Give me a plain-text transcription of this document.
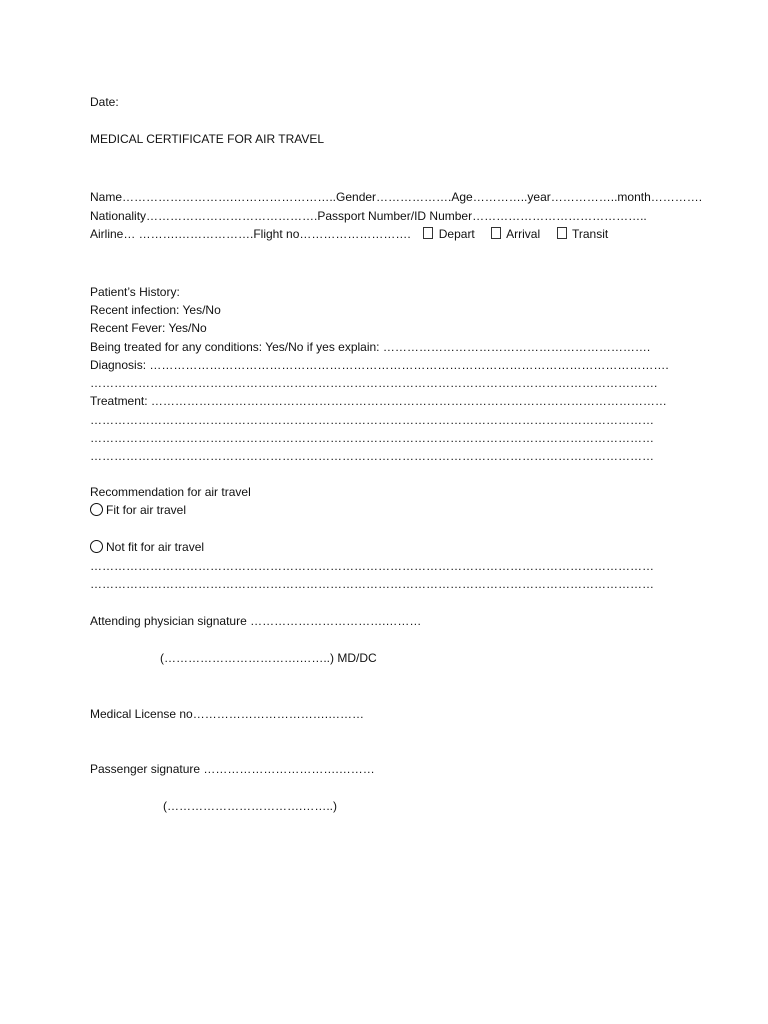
Date:
MEDICAL CERTIFICATE FOR AIR TRAVEL
Name……………………….……………………..Gender……………….Age…………..year……………..month………….
Nationality…………………………………….Passport Number/ID Number……………………………………..
Airline… ……….……………….Flight no………………………. Depart	Arrival	Transit
Patient’s History:
Recent infection: Yes/No
Recent Fever: Yes/No
Being treated for any conditions: Yes/No if yes explain: ………………………………………………………….
Diagnosis: ………………………………………………………………………………………………………………….
…………………………………………………………………………………………………………………………….
Treatment: …………………………………………………………………………………………………………………
……………………………………………………………………………………………………………………………
……………………………………………………………………………………………………………………………
……………………………………………………………………………………………………………………………
Recommendation for air travel
Fit for air travel
Not fit for air travel
……………………………………………………………………………………………………………………………
……………………………………………………………………………………………………………………………
Attending physician signature …………………………….………
(…………………………….……..) MD/DC
Medical License no…………………………….………
Passenger signature …………………………….………
(…………………………….……..)
